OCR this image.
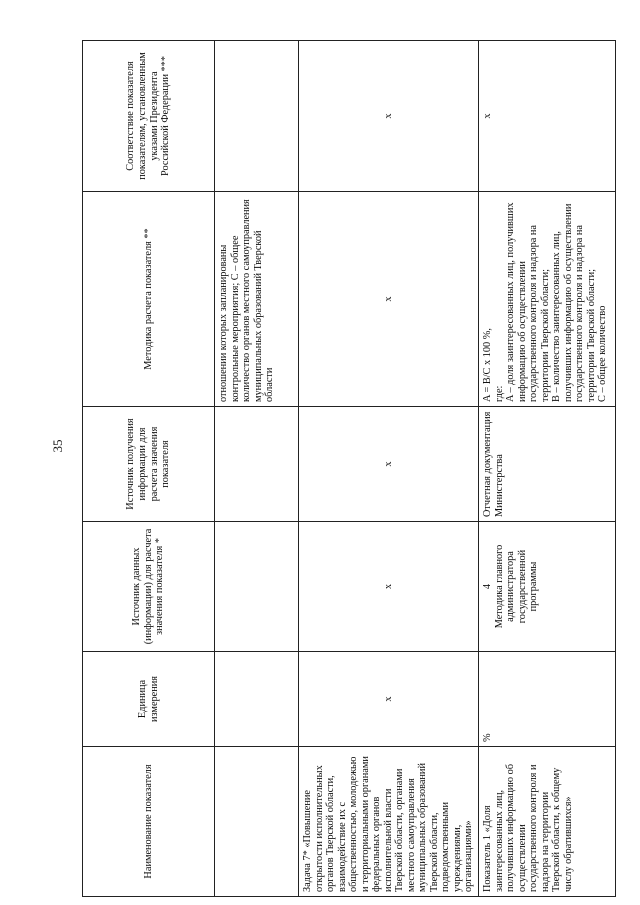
35
Наименование показателя	Единица измерения	Источник данных (информации) для расчета значения показателя *	Источник получения информации для расчета значения показателя	Методика расчета показателя **	Соответствие показателя показателям, установленным указами Президента Российской Федерации ***
				отношении которых запланированы контрольные мероприятия; С – общее количество органов местного самоуправления муниципальных образований Тверской области	
Задача 7* «Повышение открытости исполнительных органов Тверской области, взаимодействие их с общественностью, молодежью и территориальными органами федеральных органов исполнительной власти Тверской области, органами местного самоуправления муниципальных образований Тверской области, подведомственными учреждениями, организациями»	x	x	x	x	x
Показатель 1 «Доля заинтересованных лиц, получивших информацию об осуществлении государственного контроля и надзора на территории Тверской области, к общему числу обратившихся»	%	4 Методика главного администратора государственной программы	Отчетная документация Министерства	A = B/C x 100 %, где: A – доля заинтересованных лиц, получивших информацию об осуществлении государственного контроля и надзора на территории Тверской области; B – количество заинтересованных лиц, получивших информацию об осуществлении государственного контроля и надзора на территории Тверской области; C – общее количество	x
